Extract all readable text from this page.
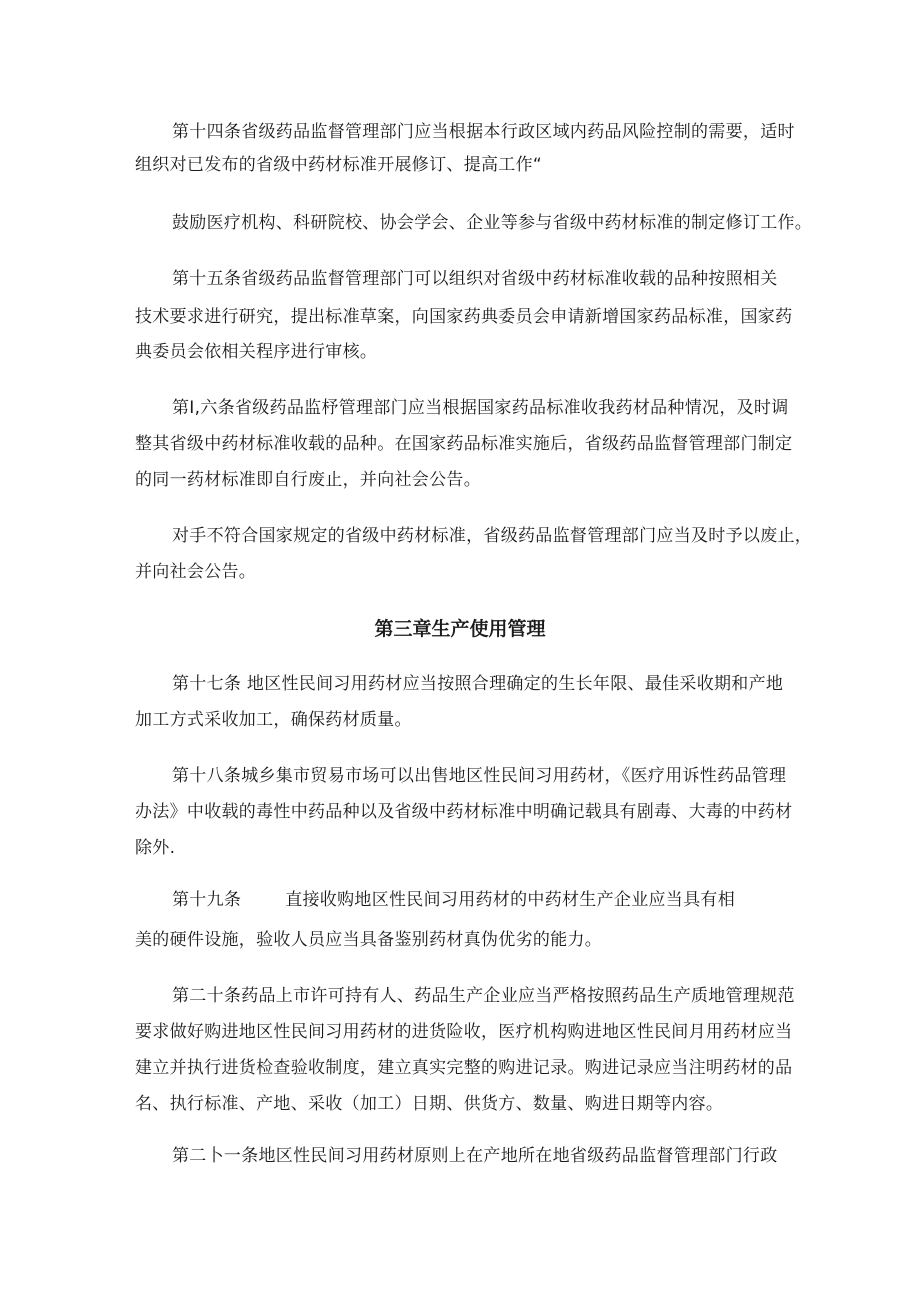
第十四条省级药品监督管理部门应当根据本行政区域内药品风险控制的需要，适时
组织对已发布的省级中药材标准开展修订、提高工作“
鼓励医疗机构、科研院校、协会学会、企业等参与省级中药材标准的制定修订工作。
第十五条省级药品监督管理部门可以组织对省级中药材标准收载的品种按照相关
技术要求进行研究，提出标准草案，向国家药典委员会申请新增国家药品标准，国家药
典委员会依相关程序进行审核。
第I,六条省级药品监杼管理部门应当根据国家药品标准收我药材品种情况，及时调
整其省级中药材标准收载的品种。在国家药品标准实施后，省级药品监督管理部门制定
的同一药材标准即自行废止，并向社会公告。
对手不符合国家规定的省级中药材标准，省级药品监督管理部门应当及时予以废止，
并向社会公告。
第三章生产使用管理
第十七条 地区性民间习用药材应当按照合理确定的生长年限、最佳采收期和产地
加工方式采收加工，确保药材质量。
第十八条城乡集市贸易市场可以出售地区性民间习用药材，《医疗用诉性药品管理
办法》中收载的毒性中药品种以及省级中药材标准中明确记载具有剧毒、大毒的中药材
除外.
第十九条	直接收购地区性民间习用药材的中药材生产企业应当具有相
美的硬件设施，验收人员应当具备鉴别药材真伪优劣的能力。
第二十条药品上市许可持有人、药品生产企业应当严格按照药品生产质地管理规范
要求做好购进地区性民间习用药材的进货险收，医疗机构购进地区性民间月用药材应当
建立并执行进货检查验收制度，建立真实完整的购进记录。购进记录应当注明药材的品
名、执行标准、产地、采收（加工）日期、供货方、数量、购进日期等内容。
第二卜一条地区性民间习用药材原则上在产地所在地省级药品监督管理部门行政
